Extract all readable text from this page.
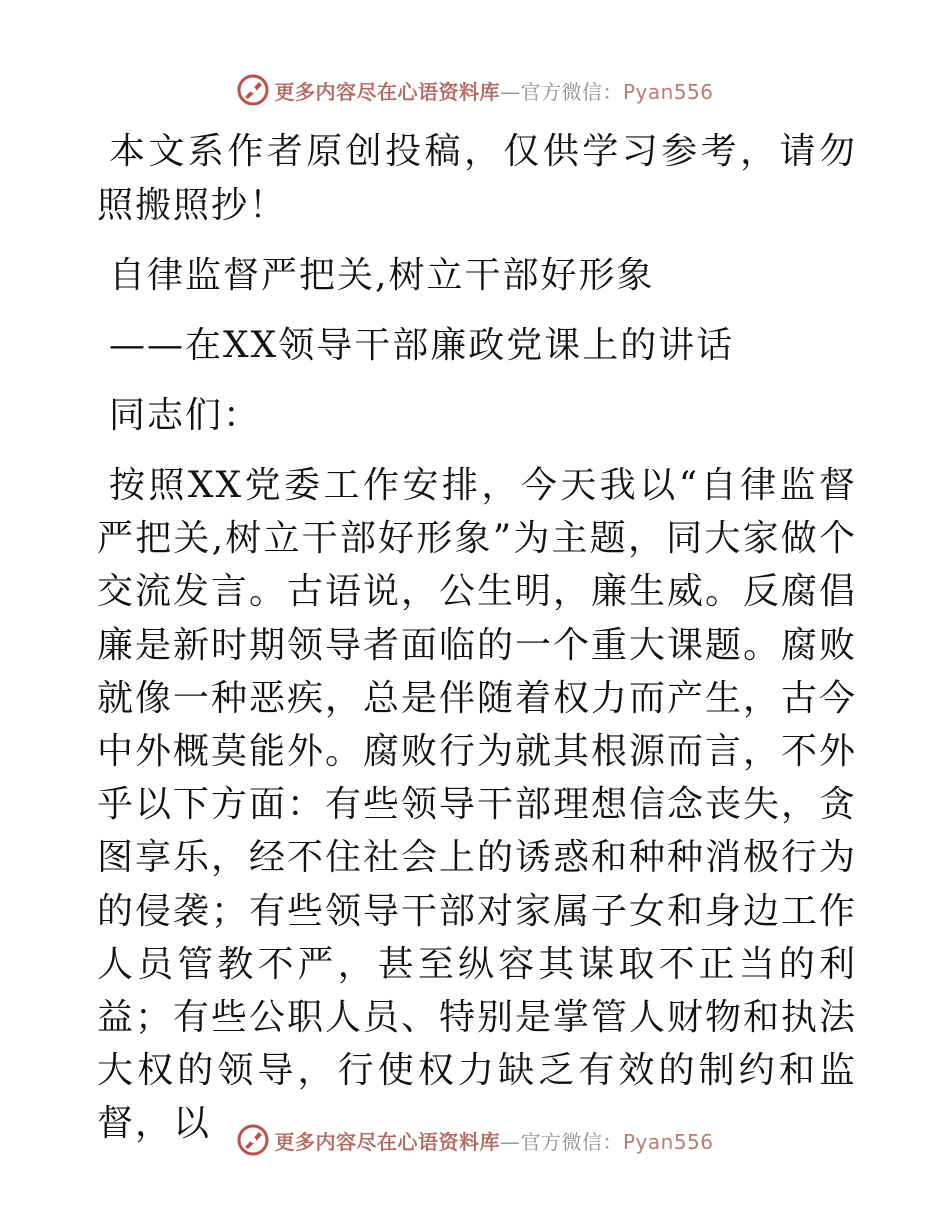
更多内容尽在心语资料库—官方微信：Pyan556

本文系作者原创投稿，仅供学习参考，请勿照搬照抄！

自律监督严把关,树立干部好形象

——在XX领导干部廉政党课上的讲话

同志们：

按照XX党委工作安排，今天我以“自律监督严把关,树立干部好形象”为主题，同大家做个交流发言。古语说，公生明，廉生威。反腐倡廉是新时期领导者面临的一个重大课题。腐败就像一种恶疾，总是伴随着权力而产生，古今中外概莫能外。腐败行为就其根源而言，不外乎以下方面：有些领导干部理想信念丧失，贪图享乐，经不住社会上的诱惑和种种消极行为的侵袭；有些领导干部对家属子女和身边工作人员管教不严，甚至纵容其谋取不正当的利益；有些公职人员、特别是掌管人财物和执法大权的领导，行使权力缺乏有效的制约和监督，以	更多内容尽在心语资料库—官方微信：Pyan556
